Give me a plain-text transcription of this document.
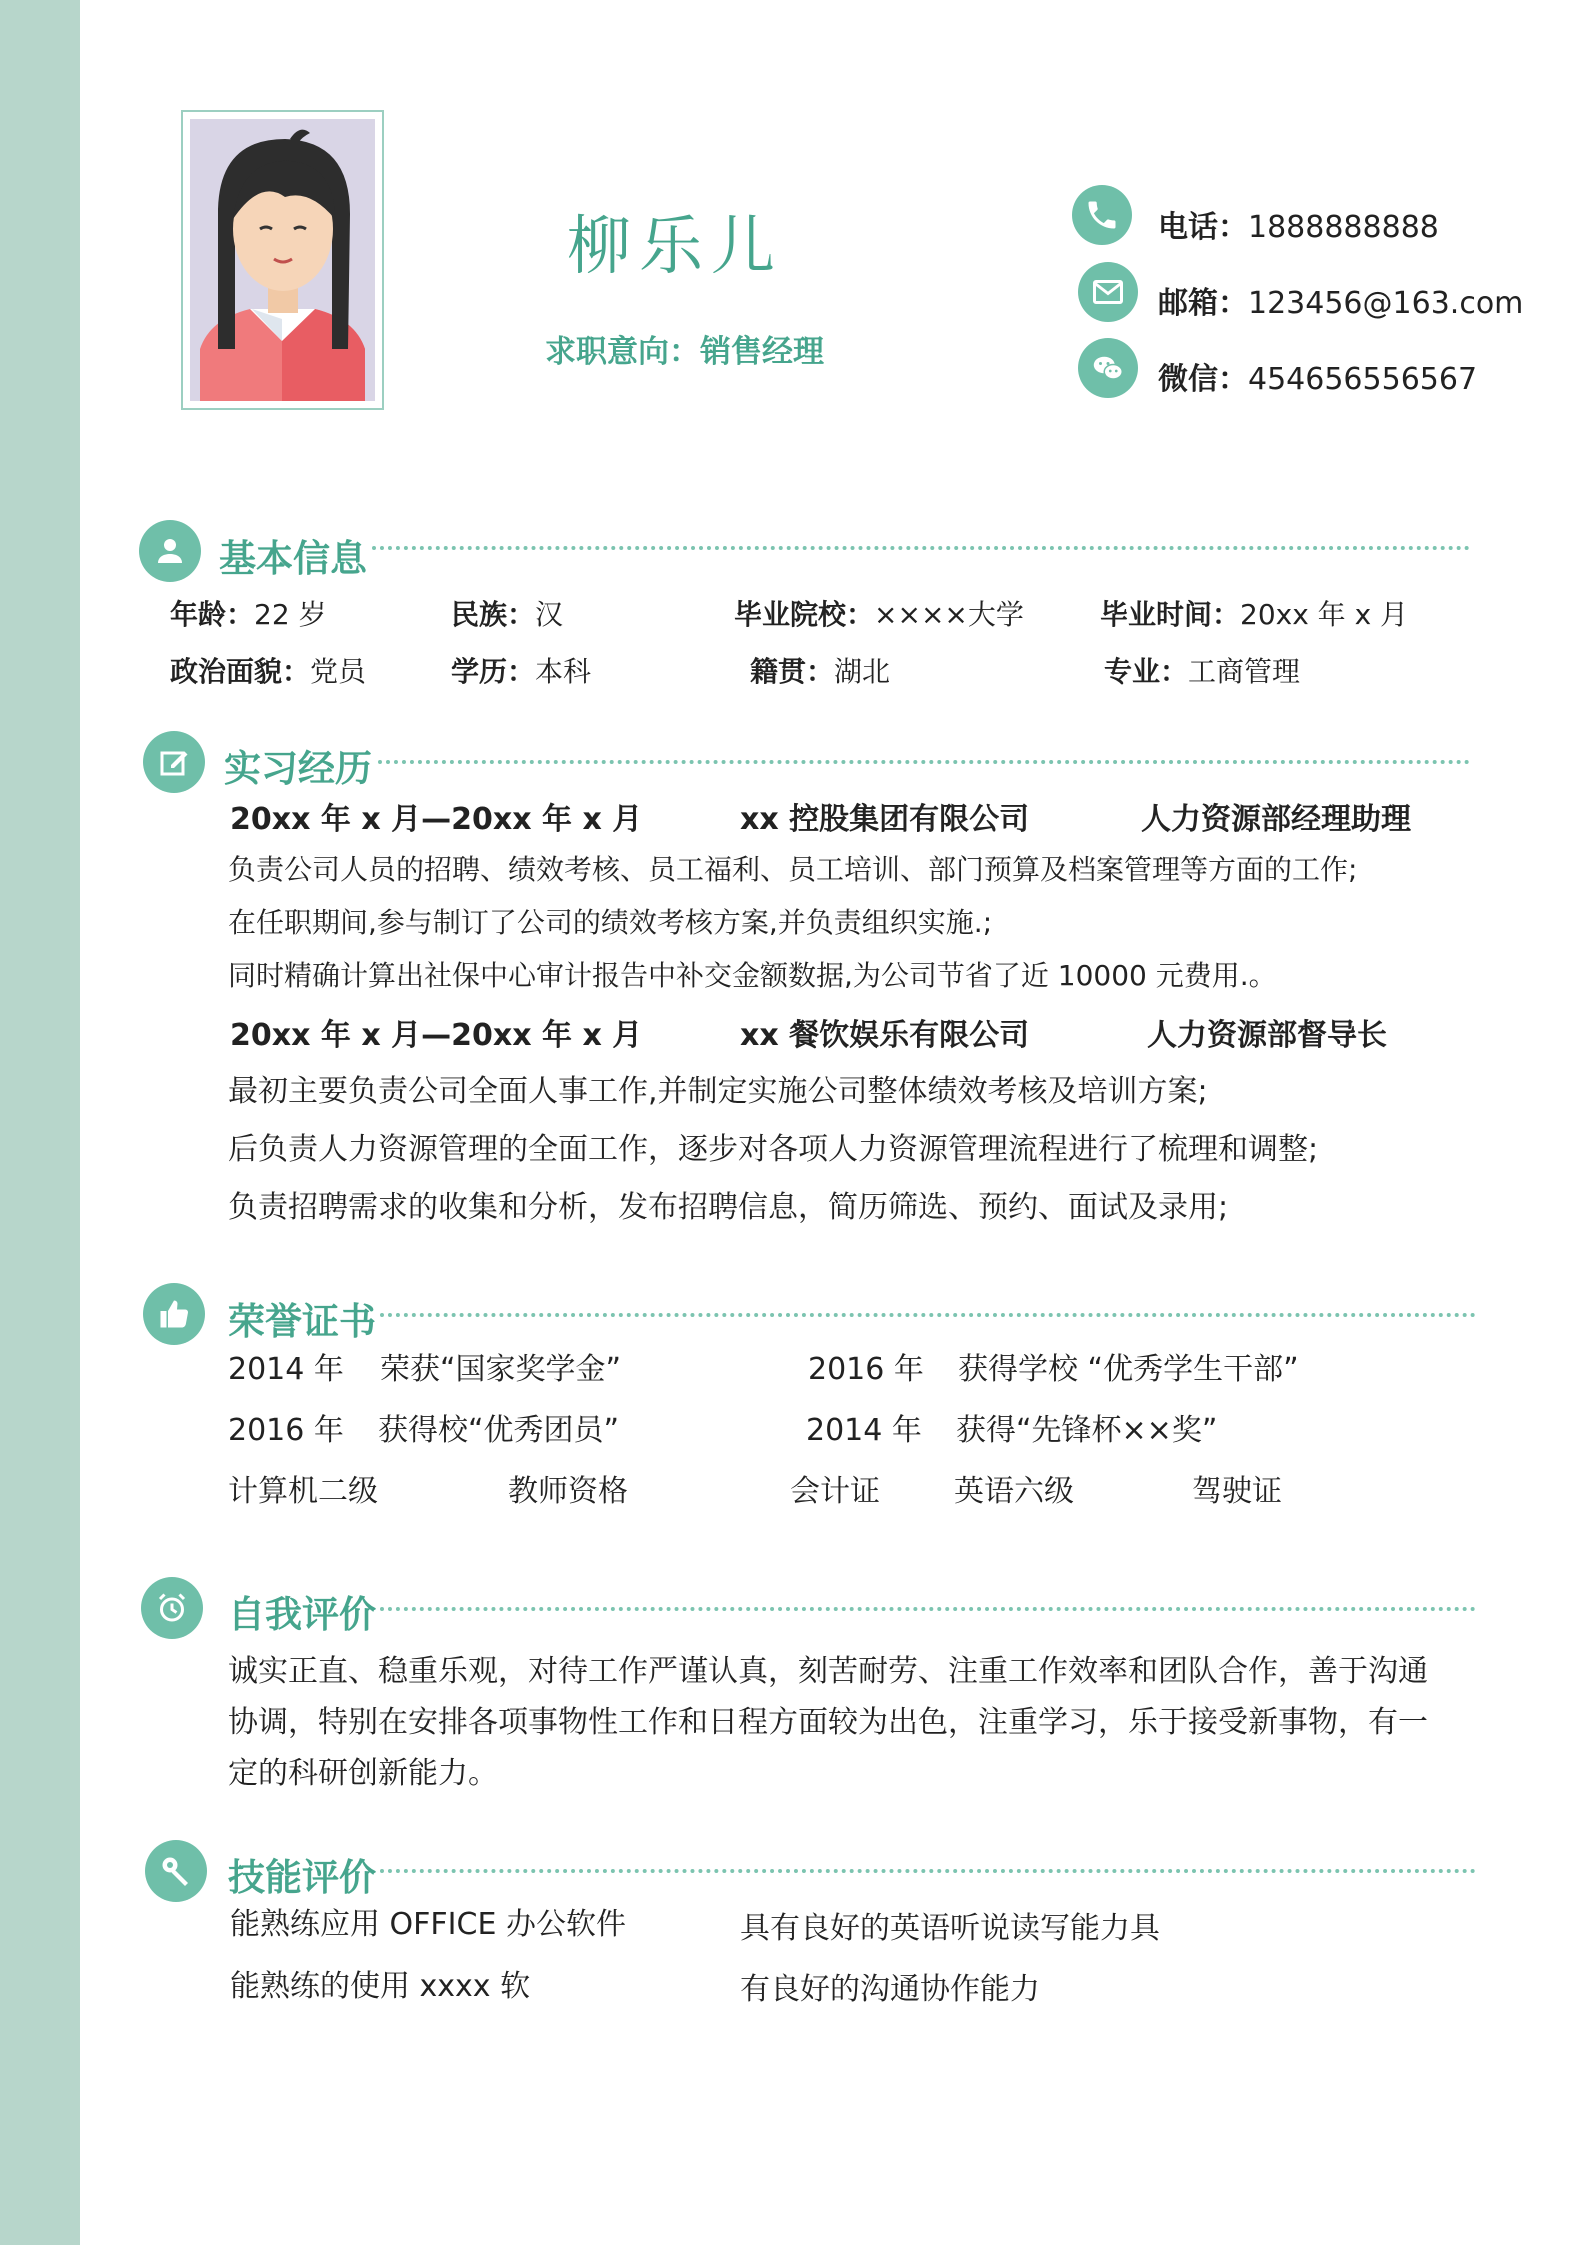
柳乐儿
求职意向：销售经理
电话：1888888888
邮箱：123456@163.com
微信：454656556567
基本信息
年龄：22 岁	民族：汉	毕业院校：××××大学	毕业时间：20xx 年 x 月
政治面貌：党员	学历：本科	籍贯：湖北	专业：工商管理
实习经历
20xx 年 x 月—20xx 年 x 月	xx 控股集团有限公司	人力资源部经理助理
负责公司人员的招聘、绩效考核、员工福利、员工培训、部门预算及档案管理等方面的工作;
在任职期间,参与制订了公司的绩效考核方案,并负责组织实施.;
同时精确计算出社保中心审计报告中补交金额数据,为公司节省了近 10000 元费用.。
20xx 年 x 月—20xx 年 x 月	xx 餐饮娱乐有限公司	人力资源部督导长
最初主要负责公司全面人事工作,并制定实施公司整体绩效考核及培训方案;
后负责人力资源管理的全面工作，逐步对各项人力资源管理流程进行了梳理和调整;
负责招聘需求的收集和分析，发布招聘信息，简历筛选、预约、面试及录用;
荣誉证书
2014 年 荣获“国家奖学金”	2016 年 获得学校 “优秀学生干部”
2016 年 获得校“优秀团员”	2014 年 获得“先锋杯××奖”
计算机二级	教师资格	会计证 英语六级	驾驶证
自我评价
诚实正直、稳重乐观，对待工作严谨认真，刻苦耐劳、注重工作效率和团队合作，善于沟通
协调，特别在安排各项事物性工作和日程方面较为出色，注重学习，乐于接受新事物，有一
定的科研创新能力。
技能评价
能熟练应用 OFFICE 办公软件	具有良好的英语听说读写能力具
能熟练的使用 xxxx 软	有良好的沟通协作能力
